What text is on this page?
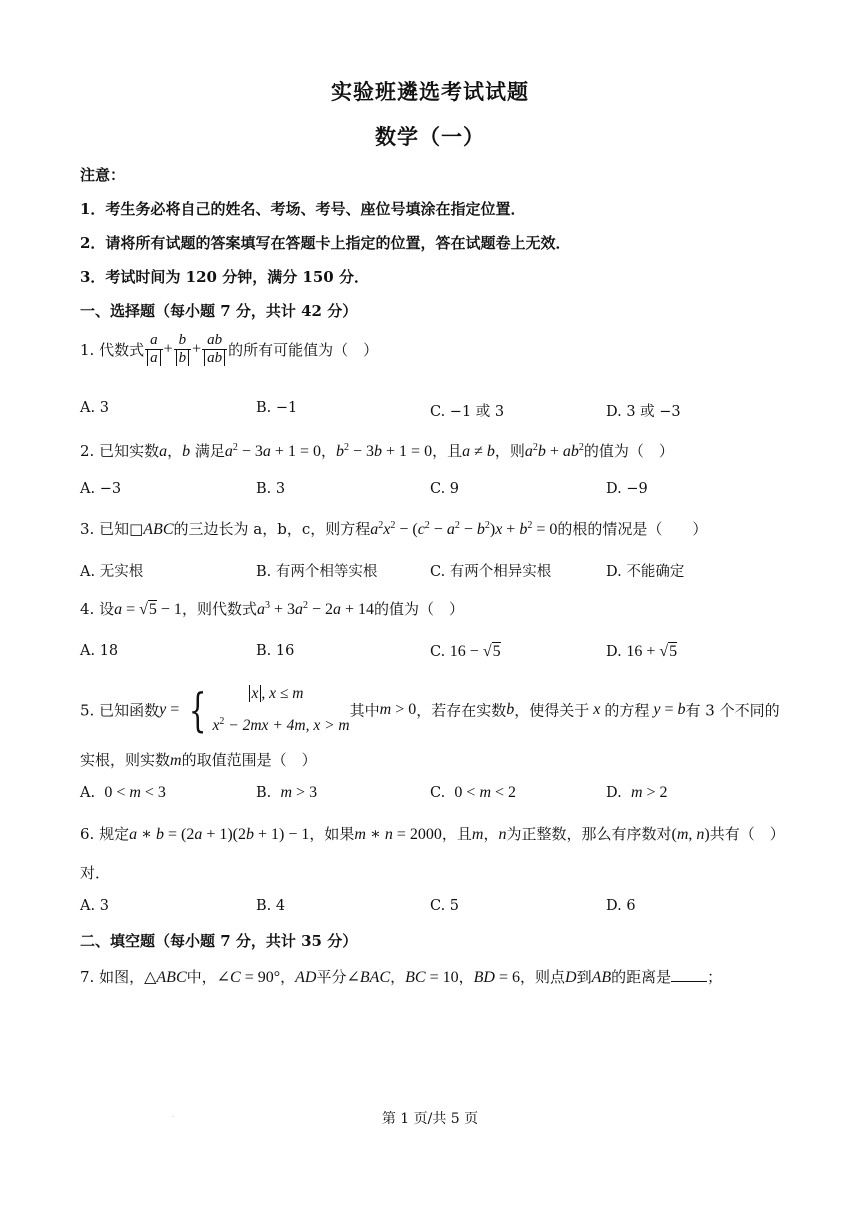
实验班遴选考试试题
数学（一）
注意：
1．考生务必将自己的姓名、考场、考号、座位号填涂在指定位置．
2．请将所有试题的答案填写在答题卡上指定的位置，答在试题卷上无效．
3．考试时间为 120 分钟，满分 150 分．
一、选择题（每小题 7 分，共计 42 分）
1. 代数式 $\frac{a}{a} + \frac{b}{b} + \frac{ab}{ab}$ 的所有可能值为（　）
A. 3	B. −1	C. −1 或 3	D. 3 或 −3
2. 已知实数a，b 满足$a^2 - 3a + 1 = 0$，$b^2 - 3b + 1 = 0$，且a ≠ b，则$a^2b + ab^2$的值为（　）
A. −3	B. 3	C. 9	D. −9
3. 已知□ABC的三边长为 a，b，c，则方程$a^2x^2 - (c^2 - a^2 - b^2)x + b^2 = 0$的根的情况是（　　）
A. 无实根	B. 有两个相等实根	C. 有两个相异实根	D. 不能确定
4. 设a = √5 − 1，则代数式$a^3 + 3a^2 - 2a + 14$的值为（　）
A. 18	B. 16	C. 16 − √5	D. 16 + √5
5. 已知函数y = {	x , x ≤ m
$x^2 - 2mx + 4m$, x > m
其中m > 0，若存在实数b，使得关于 x 的方程 y = b有 3 个不同的
实根，则实数m的取值范围是（　）
A. 0 < m < 3	B. m > 3	C. 0 < m < 2	D. m > 2
6. 规定a ∗ b = (2a + 1)(2b + 1) − 1，如果m ∗ n = 2000，且m，n为正整数，那么有序数对(m, n)共有（　）
对．
A. 3	B. 4	C. 5	D. 6
二、填空题（每小题 7 分，共计 35 分）
7. 如图，△ABC中，∠C = 90°，AD平分∠BAC，BC = 10，BD = 6，则点D到AB的距离是 ；
·	第 1 页/共 5 页
